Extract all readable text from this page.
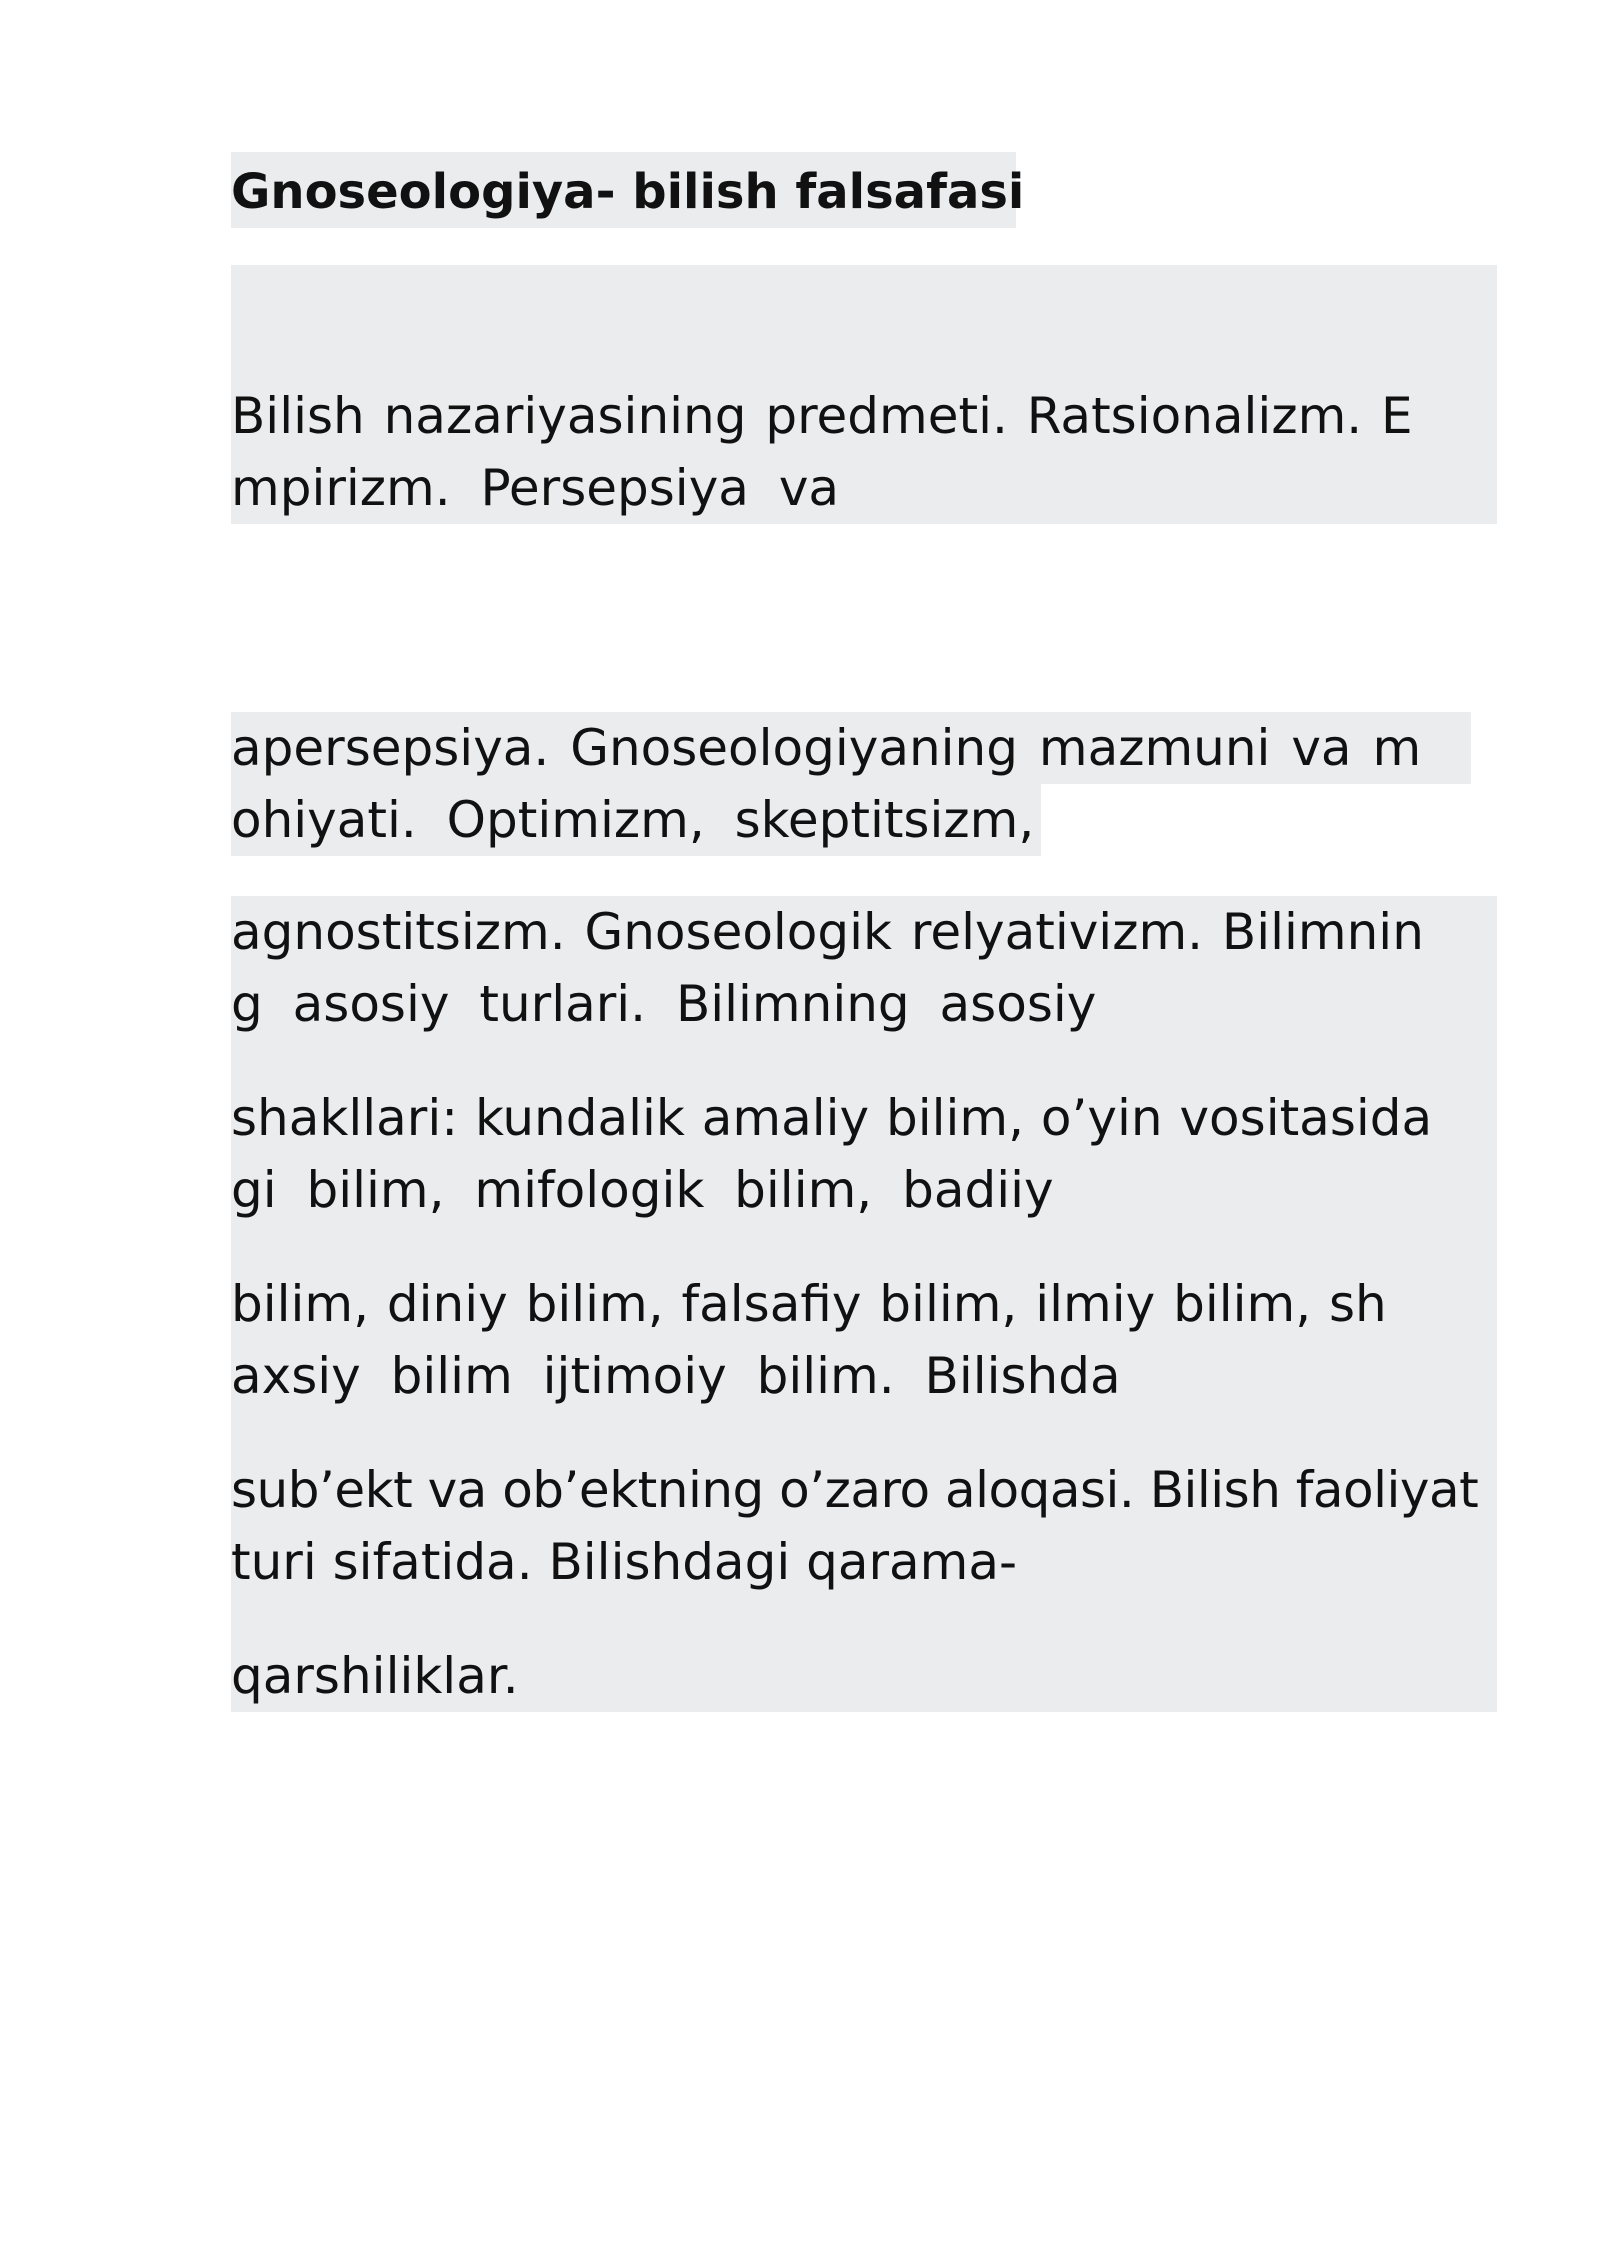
Gnoseologiya- bilish falsafasi

Bilish nazariyasining predmeti. Ratsionalizm. E

mpirizm. Persepsiya va

apersepsiya. Gnoseologiyaning mazmuni va m

ohiyati. Optimizm, skeptitsizm,

agnostitsizm. Gnoseologik relyativizm. Bilimnin

g asosiy turlari. Bilimning asosiy

shakllari: kundalik amaliy bilim, o’yin vositasida

gi bilim, mifologik bilim, badiiy

bilim, diniy bilim, falsafiy bilim, ilmiy bilim, sh

axsiy bilim ijtimoiy bilim. Bilishda

sub’ekt va ob’ektning o’zaro aloqasi. Bilish faoliyat

turi sifatida. Bilishdagi qarama-

qarshiliklar.
